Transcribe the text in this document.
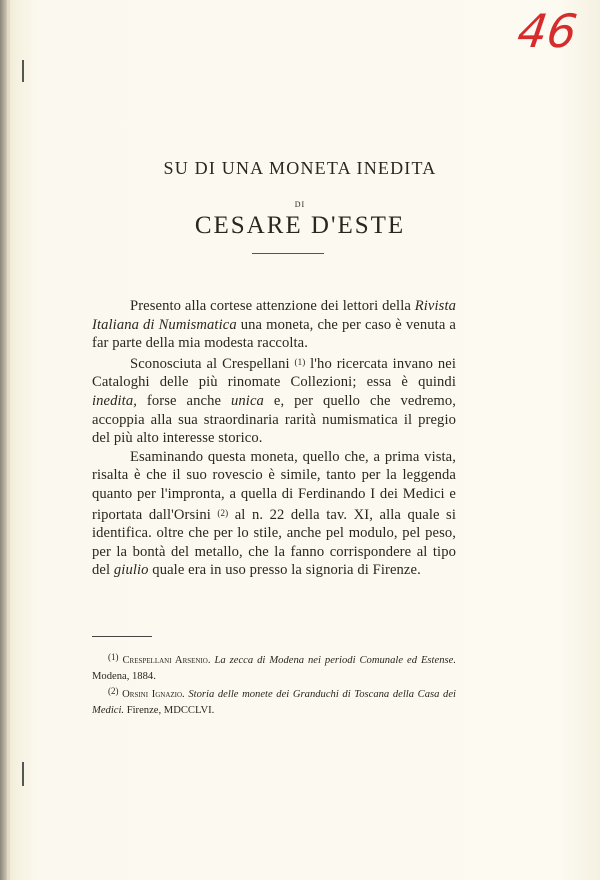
46
SU DI UNA MONETA INEDITA
DI
CESARE D'ESTE

Presento alla cortese attenzione dei lettori della Rivista Italiana di Numismatica una moneta, che per caso è venuta a far parte della mia modesta raccolta.

Sconosciuta al Crespellani $^{(1)}$ l'ho ricercata invano nei Cataloghi delle più rinomate Collezioni; essa è quindi inedita, forse anche unica e, per quello che vedremo, accoppia alla sua straordinaria rarità numismatica il pregio del più alto interesse storico.

Esaminando questa moneta, quello che, a prima vista, risalta è che il suo rovescio è simile, tanto per la leggenda quanto per l'impronta, a quella di Ferdinando I dei Medici e riportata dall'Orsini $^{(2)}$ al n. 22 della tav. XI, alla quale si identifica. oltre che per lo stile, anche pel modulo, pel peso, per la bontà del metallo, che la fanno corrispondere al tipo del giulio quale era in uso presso la signoria di Firenze.

$^{(1)}$ Crespellani Arsenio. La zecca di Modena nei periodi Comunale ed Estense. Modena, 1884.

$^{(2)}$ Orsini Ignazio. Storia delle monete dei Granduchi di Toscana della Casa dei Medici. Firenze, MDCCLVI.
